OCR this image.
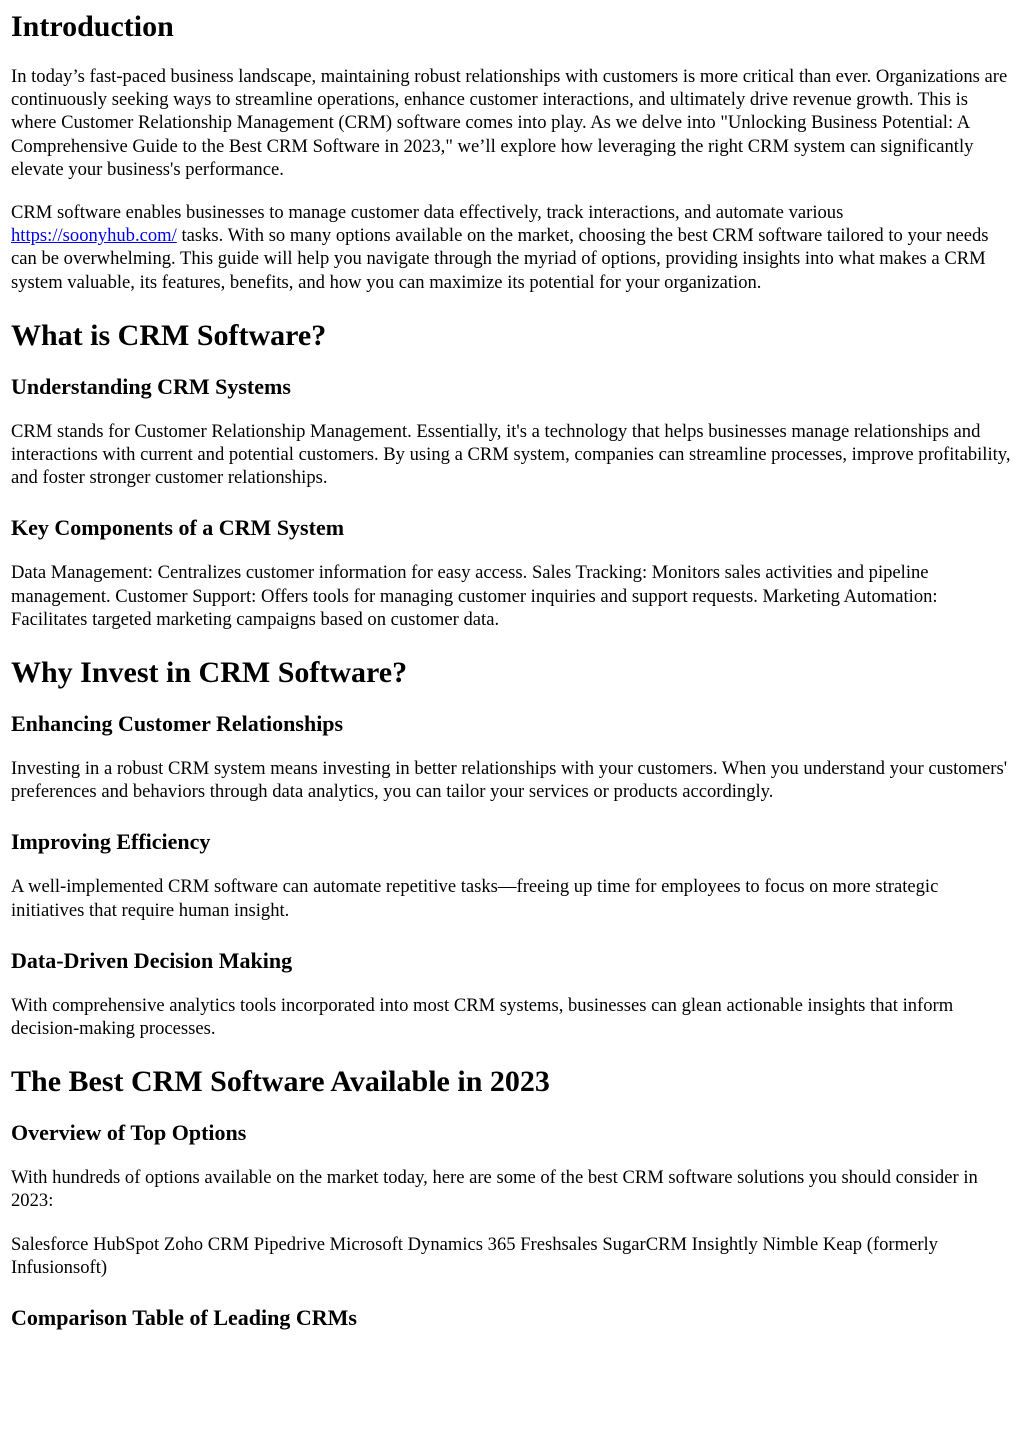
Introduction

In today’s fast-paced business landscape, maintaining robust relationships with customers is more critical than ever. Organizations are continuously seeking ways to streamline operations, enhance customer interactions, and ultimately drive revenue growth. This is where Customer Relationship Management (CRM) software comes into play. As we delve into "Unlocking Business Potential: A Comprehensive Guide to the Best CRM Software in 2023," we’ll explore how leveraging the right CRM system can significantly elevate your business's performance.

CRM software enables businesses to manage customer data effectively, track interactions, and automate various https://soonyhub.com/ tasks. With so many options available on the market, choosing the best CRM software tailored to your needs can be overwhelming. This guide will help you navigate through the myriad of options, providing insights into what makes a CRM system valuable, its features, benefits, and how you can maximize its potential for your organization.

What is CRM Software?
Understanding CRM Systems

CRM stands for Customer Relationship Management. Essentially, it's a technology that helps businesses manage relationships and interactions with current and potential customers. By using a CRM system, companies can streamline processes, improve profitability, and foster stronger customer relationships.

Key Components of a CRM System

Data Management: Centralizes customer information for easy access. Sales Tracking: Monitors sales activities and pipeline management. Customer Support: Offers tools for managing customer inquiries and support requests. Marketing Automation: Facilitates targeted marketing campaigns based on customer data.

Why Invest in CRM Software?
Enhancing Customer Relationships

Investing in a robust CRM system means investing in better relationships with your customers. When you understand your customers' preferences and behaviors through data analytics, you can tailor your services or products accordingly.

Improving Efficiency

A well-implemented CRM software can automate repetitive tasks—freeing up time for employees to focus on more strategic initiatives that require human insight.

Data-Driven Decision Making

With comprehensive analytics tools incorporated into most CRM systems, businesses can glean actionable insights that inform decision-making processes.

The Best CRM Software Available in 2023
Overview of Top Options

With hundreds of options available on the market today, here are some of the best CRM software solutions you should consider in 2023:

Salesforce HubSpot Zoho CRM Pipedrive Microsoft Dynamics 365 Freshsales SugarCRM Insightly Nimble Keap (formerly Infusionsoft)

Comparison Table of Leading CRMs
